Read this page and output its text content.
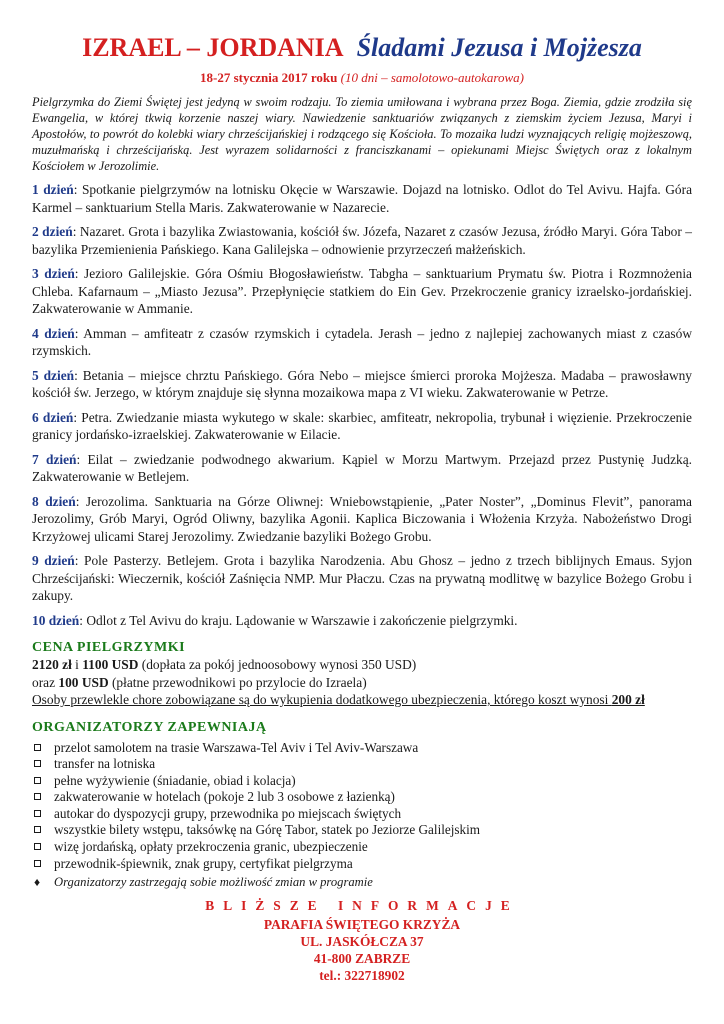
IZRAEL – JORDANIA Śladami Jezusa i Mojżesza
18-27 stycznia 2017 roku (10 dni – samolotowo-autokarowa)
Pielgrzymka do Ziemi Świętej jest jedyną w swoim rodzaju. To ziemia umiłowana i wybrana przez Boga. Ziemia, gdzie zrodziła się Ewangelia, w której tkwią korzenie naszej wiary. Nawiedzenie sanktuariów związanych z ziemskim życiem Jezusa, Maryi i Apostołów, to powrót do kolebki wiary chrześcijańskiej i rodzącego się Kościoła. To mozaika ludzi wyznających religię mojżeszową, muzułmańską i chrześcijańską. Jest wyrazem solidarności z franciszkanami – opiekunami Miejsc Świętych oraz z lokalnym Kościołem w Jerozolimie.
1 dzień: Spotkanie pielgrzymów na lotnisku Okęcie w Warszawie. Dojazd na lotnisko. Odlot do Tel Avivu. Hajfa. Góra Karmel – sanktuarium Stella Maris. Zakwaterowanie w Nazarecie.
2 dzień: Nazaret. Grota i bazylika Zwiastowania, kościół św. Józefa, Nazaret z czasów Jezusa, źródło Maryi. Góra Tabor – bazylika Przemienienia Pańskiego. Kana Galilejska – odnowienie przyrzeczeń małżeńskich.
3 dzień: Jezioro Galilejskie. Góra Ośmiu Błogosławieństw. Tabgha – sanktuarium Prymatu św. Piotra i Rozmnożenia Chleba. Kafarnaum – „Miasto Jezusa”. Przepłynięcie statkiem do Ein Gev. Przekroczenie granicy izraelsko-jordańskiej. Zakwaterowanie w Ammanie.
4 dzień: Amman – amfiteatr z czasów rzymskich i cytadela. Jerash – jedno z najlepiej zachowanych miast z czasów rzymskich.
5 dzień: Betania – miejsce chrztu Pańskiego. Góra Nebo – miejsce śmierci proroka Mojżesza. Madaba – prawosławny kościół św. Jerzego, w którym znajduje się słynna mozaikowa mapa z VI wieku. Zakwaterowanie w Petrze.
6 dzień: Petra. Zwiedzanie miasta wykutego w skale: skarbiec, amfiteatr, nekropolia, trybunał i więzienie. Przekroczenie granicy jordańsko-izraelskiej. Zakwaterowanie w Eilacie.
7 dzień: Eilat – zwiedzanie podwodnego akwarium. Kąpiel w Morzu Martwym. Przejazd przez Pustynię Judzką. Zakwaterowanie w Betlejem.
8 dzień: Jerozolima. Sanktuaria na Górze Oliwnej: Wniebowstąpienie, „Pater Noster”, „Dominus Flevit”, panorama Jerozolimy, Grób Maryi, Ogród Oliwny, bazylika Agonii. Kaplica Biczowania i Włożenia Krzyża. Nabożeństwo Drogi Krzyżowej ulicami Starej Jerozolimy. Zwiedzanie bazyliki Bożego Grobu.
9 dzień: Pole Pasterzy. Betlejem. Grota i bazylika Narodzenia. Abu Ghosz – jedno z trzech biblijnych Emaus. Syjon Chrześcijański: Wieczernik, kościół Zaśnięcia NMP. Mur Płaczu. Czas na prywatną modlitwę w bazylice Bożego Grobu i zakupy.
10 dzień: Odlot z Tel Avivu do kraju. Lądowanie w Warszawie i zakończenie pielgrzymki.
CENA PIELGRZYMKI
2120 zł i 1100 USD (dopłata za pokój jednoosobowy wynosi 350 USD)
oraz 100 USD (płatne przewodnikowi po przylocie do Izraela)
Osoby przewlekle chore zobowiązane są do wykupienia dodatkowego ubezpieczenia, którego koszt wynosi 200 zł
ORGANIZATORZY ZAPEWNIAJĄ
przelot samolotem na trasie Warszawa-Tel Aviv i Tel Aviv-Warszawa
transfer na lotniska
pełne wyżywienie (śniadanie, obiad i kolacja)
zakwaterowanie w hotelach (pokoje 2 lub 3 osobowe z łazienką)
autokar do dyspozycji grupy, przewodnika po miejscach świętych
wszystkie bilety wstępu, taksówkę na Górę Tabor, statek po Jeziorze Galilejskim
wizę jordańską, opłaty przekroczenia granic, ubezpieczenie
przewodnik-śpiewnik, znak grupy, certyfikat pielgrzyma
♦ Organizatorzy zastrzegają sobie możliwość zmian w programie
BLIŻSZE INFORMACJE
PARAFIA ŚWIĘTEGO KRZYŻA
UL. JASKÓŁCZA 37
41-800 ZABRZE
tel.: 322718902
